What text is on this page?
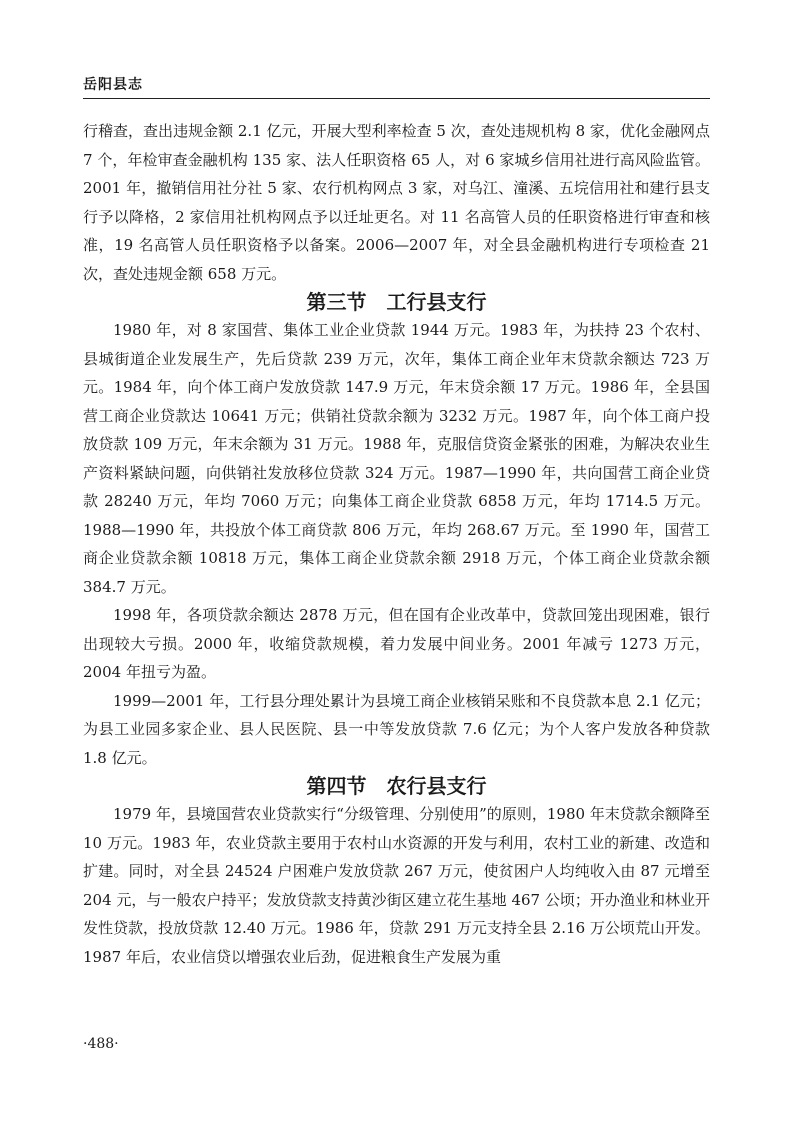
岳阳县志

行稽查，查出违规金额 2.1 亿元，开展大型利率检查 5 次，查处违规机构 8 家，优化金融网点 7 个，年检审查金融机构 135 家、法人任职资格 65 人，对 6 家城乡信用社进行高风险监管。2001 年，撤销信用社分社 5 家、农行机构网点 3 家，对乌江、潼溪、五垸信用社和建行县支行予以降格，2 家信用社机构网点予以迁址更名。对 11 名高管人员的任职资格进行审查和核准，19 名高管人员任职资格予以备案。2006—2007 年，对全县金融机构进行专项检查 21 次，查处违规金额 658 万元。

第三节　工行县支行

1980 年，对 8 家国营、集体工业企业贷款 1944 万元。1983 年，为扶持 23 个农村、县城街道企业发展生产，先后贷款 239 万元，次年，集体工商企业年末贷款余额达 723 万元。1984 年，向个体工商户发放贷款 147.9 万元，年末贷余额 17 万元。1986 年，全县国营工商企业贷款达 10641 万元；供销社贷款余额为 3232 万元。1987 年，向个体工商户投放贷款 109 万元，年末余额为 31 万元。1988 年，克服信贷资金紧张的困难，为解决农业生产资料紧缺问题，向供销社发放移位贷款 324 万元。1987—1990 年，共向国营工商企业贷款 28240 万元，年均 7060 万元；向集体工商企业贷款 6858 万元，年均 1714.5 万元。1988—1990 年，共投放个体工商贷款 806 万元，年均 268.67 万元。至 1990 年，国营工商企业贷款余额 10818 万元，集体工商企业贷款余额 2918 万元，个体工商企业贷款余额 384.7 万元。

1998 年，各项贷款余额达 2878 万元，但在国有企业改革中，贷款回笼出现困难，银行出现较大亏损。2000 年，收缩贷款规模，着力发展中间业务。2001 年减亏 1273 万元，2004 年扭亏为盈。

1999—2001 年，工行县分理处累计为县境工商企业核销呆账和不良贷款本息 2.1 亿元；为县工业园多家企业、县人民医院、县一中等发放贷款 7.6 亿元；为个人客户发放各种贷款 1.8 亿元。

第四节　农行县支行

1979 年，县境国营农业贷款实行“分级管理、分别使用”的原则，1980 年末贷款余额降至 10 万元。1983 年，农业贷款主要用于农村山水资源的开发与利用，农村工业的新建、改造和扩建。同时，对全县 24524 户困难户发放贷款 267 万元，使贫困户人均纯收入由 87 元增至 204 元，与一般农户持平；发放贷款支持黄沙街区建立花生基地 467 公顷；开办渔业和林业开发性贷款，投放贷款 12.40 万元。1986 年，贷款 291 万元支持全县 2.16 万公顷荒山开发。1987 年后，农业信贷以增强农业后劲，促进粮食生产发展为重

·488·
